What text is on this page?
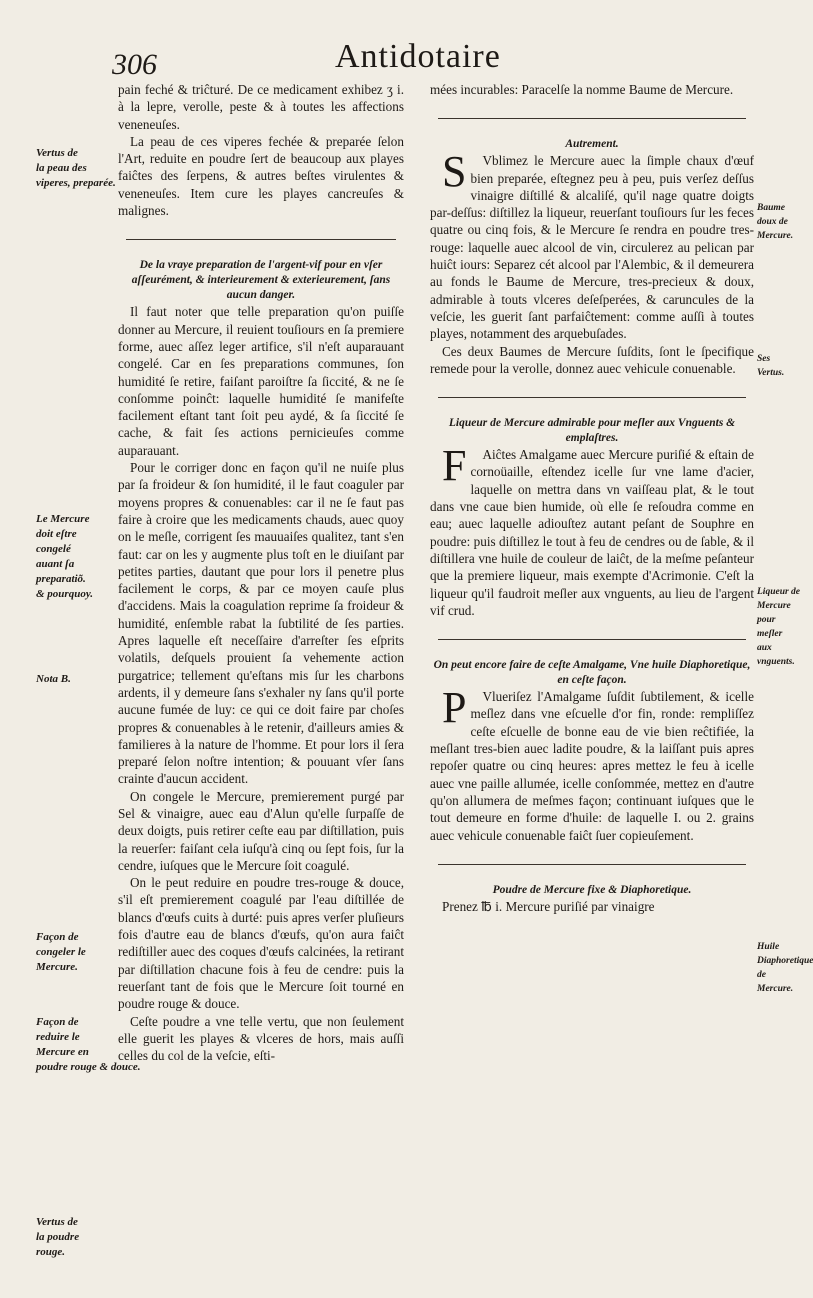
306	Antidotaire

pain feché & triĉturé. De ce medicament exhibez ʒ i. à la lepre, verolle, peste & à toutes les affections veneneuſes.

La peau de ces viperes fechée & preparée ſelon l'Art, reduite en poudre ſert de beaucoup aux playes faiĉtes des ſerpens, & autres beſtes virulentes & veneneuſes. Item cure les playes cancreuſes & malignes.

De la vraye preparation de l'argent-vif pour en vſer aſſeurément, & interieurement & exterieurement, ſans aucun danger.

Il faut noter que telle preparation qu'on puiſſe donner au Mercure, il reuient touſiours en ſa premiere forme, auec aſſez leger artifice, s'il n'eſt auparauant congelé. Car en ſes preparations communes, ſon humidité ſe retire, faiſant paroiſtre ſa ſiccité, & ne ſe conſomme poinĉt: laquelle humidité ſe manifeſte facilement eſtant tant ſoit peu aydé, & ſa ſiccité ſe cache, & fait ſes actions pernicieuſes comme auparauant.

Pour le corriger donc en façon qu'il ne nuiſe plus par ſa froideur & ſon humidité, il le faut coaguler par moyens propres & conuenables: car il ne ſe faut pas faire à croire que les medicaments chauds, auec quoy on le meſle, corrigent ſes mauuaiſes qualitez, tant s'en faut: car on les y augmente plus toſt en le diuiſant par petites parties, dautant que pour lors il penetre plus facilement le corps, & par ce moyen cauſe plus d'accidens. Mais la coagulation reprime ſa froideur & humidité, enſemble rabat la ſubtilité de ſes parties. Apres laquelle eſt neceſſaire d'arreſter ſes eſprits volatils, deſquels prouient ſa vehemente action purgatrice; tellement qu'eſtans mis ſur les charbons ardents, il y demeure ſans s'exhaler ny ſans qu'il porte aucune fumée de luy: ce qui ce doit faire par choſes propres & conuenables à le retenir, d'ailleurs amies & familieres à la nature de l'homme. Et pour lors il ſera preparé ſelon noſtre intention; & pouuant vſer ſans crainte d'aucun accident.

On congele le Mercure, premierement purgé par Sel & vinaigre, auec eau d'Alun qu'elle ſurpaſſe de deux doigts, puis retirer ceſte eau par diſtillation, puis la reuerſer: faiſant cela iuſqu'à cinq ou ſept fois, ſur la cendre, iuſques que le Mercure ſoit coagulé.

On le peut reduire en poudre tres-rouge & douce, s'il eſt premierement coagulé par l'eau diſtillée de blancs d'œufs cuits à durté: puis apres verſer pluſieurs fois d'autre eau de blancs d'œufs, qu'on aura faiĉt rediſtiller auec des coques d'œufs calcinées, la retirant par diſtillation chacune fois à feu de cendre: puis la reuerſant tant de fois que le Mercure ſoit tourné en poudre rouge & douce.

Ceſte poudre a vne telle vertu, que non ſeulement elle guerit les playes & vlceres de hors, mais auſſi celles du col de la veſcie, eſti-

mées incurables: Paracelſe la nomme Baume de Mercure.

Autrement.

S Vblimez le Mercure auec la ſimple chaux d'œuf bien preparée, eſtegnez peu à peu, puis verſez deſſus vinaigre diſtillé & alcaliſé, qu'il nage quatre doigts par-deſſus: diſtillez la liqueur, reuerſant touſiours ſur les feces quatre ou cinq fois, & le Mercure ſe rendra en poudre tres-rouge: laquelle auec alcool de vin, circulerez au pelican par huiĉt iours: Separez cét alcool par l'Alembic, & il demeurera au fonds le Baume de Mercure, tres-precieux & doux, admirable à touts vlceres deſeſperées, & caruncules de la veſcie, les guerit ſant parfaiĉtement: comme auſſi à toutes playes, notamment des arquebuſades.

Ces deux Baumes de Mercure ſuſdits, ſont le ſpecifique remede pour la verolle, donnez auec vehicule conuenable.

Liqueur de Mercure admirable pour meſler aux Vnguents & emplaſtres.

F Aiĉtes Amalgame auec Mercure puriſié & eſtain de cornoüaille, eſtendez icelle ſur vne lame d'acier, laquelle on mettra dans vn vaiſſeau plat, & le tout dans vne caue bien humide, où elle ſe reſoudra comme en eau; auec laquelle adiouſtez autant peſant de Souphre en poudre: puis diſtillez le tout à feu de cendres ou de ſable, & il diſtillera vne huile de couleur de laiĉt, de la meſme peſanteur que la premiere liqueur, mais exempte d'Acrimonie. C'eſt la liqueur qu'il faudroit meſler aux vnguents, au lieu de l'argent vif crud.

On peut encore faire de ceſte Amalgame, Vne huile Diaphoretique, en ceſte façon.

P Vlueriſez l'Amalgame ſuſdit ſubtilement, & icelle meſlez dans vne eſcuelle d'or fin, ronde: rempliſſez ceſte eſcuelle de bonne eau de vie bien reĉtifiée, la meſlant tres-bien auec ladite poudre, & la laiſſant puis apres repoſer quatre ou cinq heures: apres mettez le feu à icelle auec vne paille allumée, icelle conſommée, mettez en d'autre qu'on allumera de meſmes façon; continuant iuſques que le tout demeure en forme d'huile: de laquelle I. ou 2. grains auec vehicule conuenable faiĉt ſuer copieuſement.

Poudre de Mercure fixe & Diaphoretique.

Prenez ℔ i. Mercure puriſié par vinaigre

Vertus de
la peau des
viperes, preparée.
Le Mercure
doit eſtre
congelé
auant ſa
preparatiõ.
& pourquoy.
Nota B.
Façon de
congeler le
Mercure.
Façon de
reduire le
Mercure en
poudre rouge & douce.
Vertus de
la poudre
rouge.
Baume
doux de
Mercure.
Ses Vertus.
Liqueur de
Mercure
pour meſler
aux vnguents.
Huile Diaphoretique
de Mercure.
